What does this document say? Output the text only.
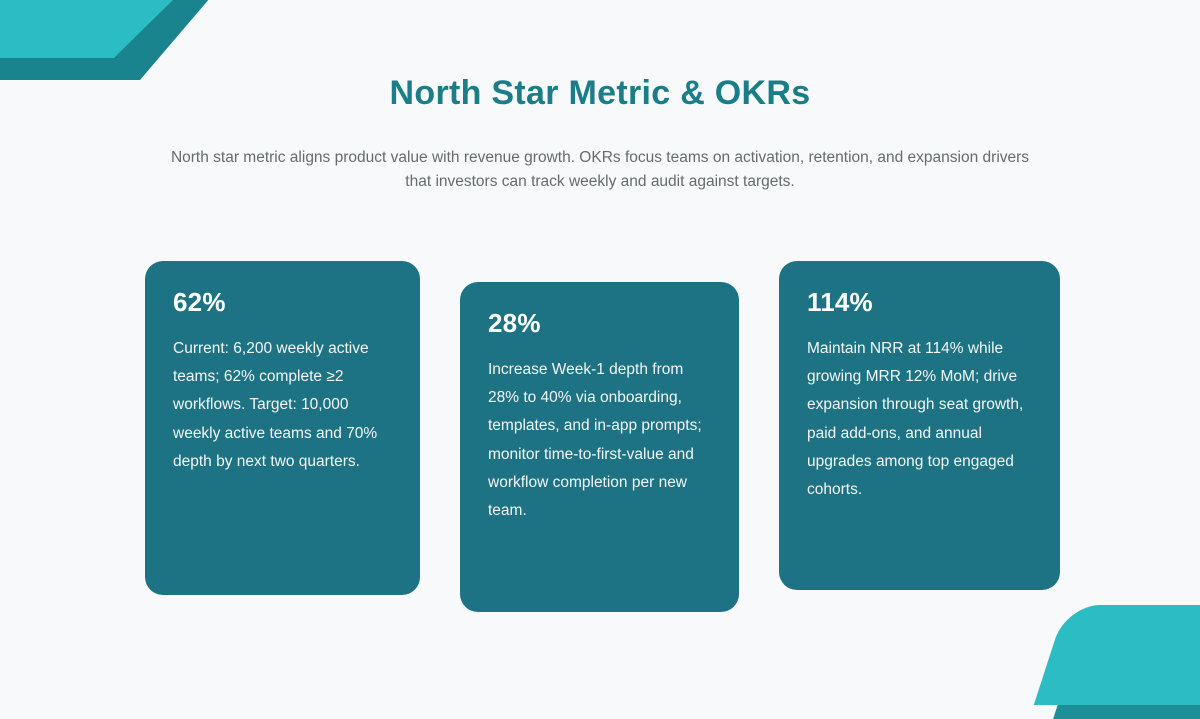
North Star Metric & OKRs
North star metric aligns product value with revenue growth. OKRs focus teams on activation, retention, and expansion drivers that investors can track weekly and audit against targets.
62%
Current: 6,200 weekly active teams; 62% complete ≥2 workflows. Target: 10,000 weekly active teams and 70% depth by next two quarters.
28%
Increase Week-1 depth from 28% to 40% via onboarding, templates, and in-app prompts; monitor time-to-first-value and workflow completion per new team.
114%
Maintain NRR at 114% while growing MRR 12% MoM; drive expansion through seat growth, paid add-ons, and annual upgrades among top engaged cohorts.
